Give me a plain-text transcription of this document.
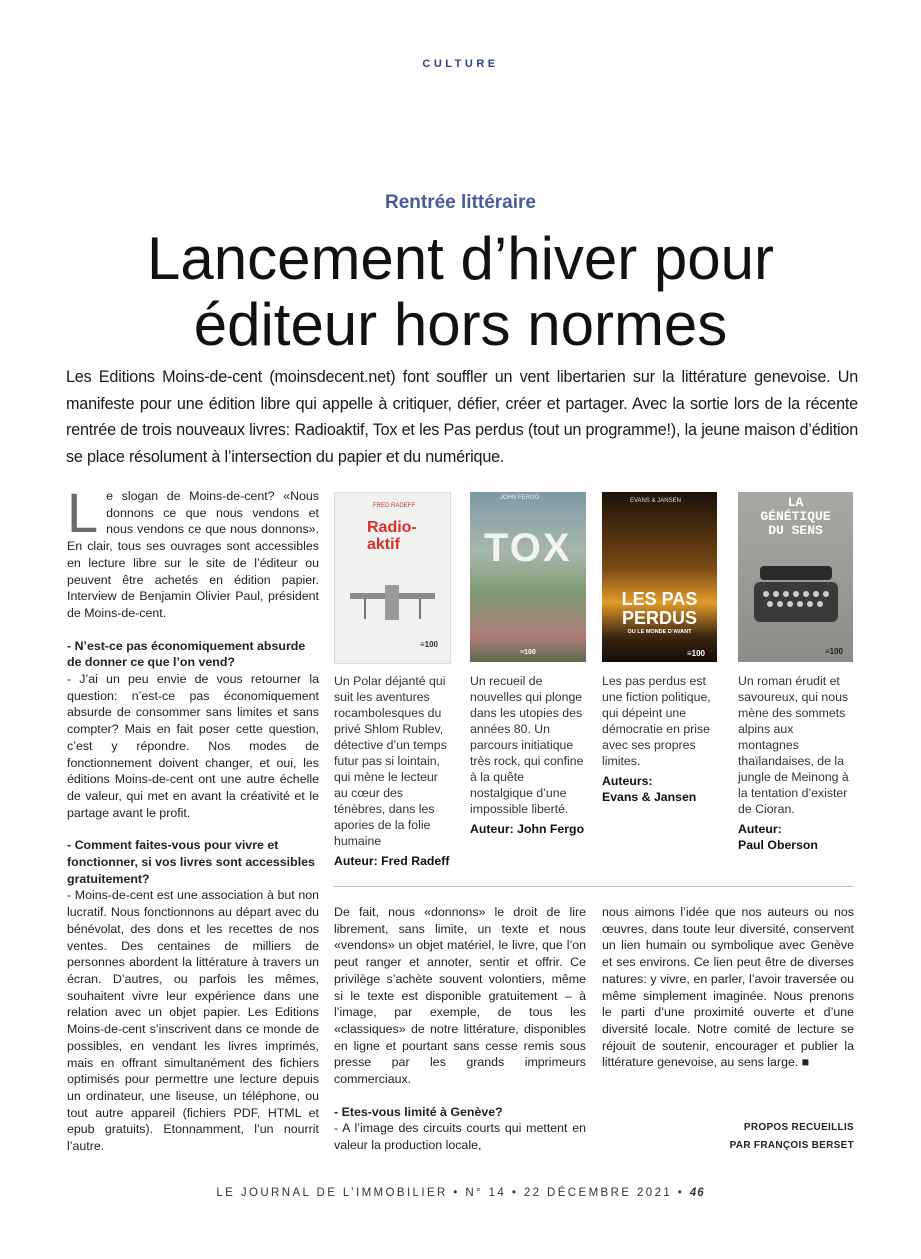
CULTURE
Rentrée littéraire
Lancement d’hiver pour
éditeur hors normes
Les Editions Moins-de-cent (moinsdecent.net) font souffler un vent libertarien sur la littérature genevoise. Un manifeste pour une édition libre qui appelle à critiquer, défier, créer et partager. Avec la sortie lors de la récente rentrée de trois nouveaux livres: Radioaktif, Tox et les Pas perdus (tout un programme!), la jeune maison d’édition se place résolument à l’intersection du papier et du numérique.

Le slogan de Moins-de-cent? «Nous donnons ce que nous vendons et nous vendons ce que nous donnons». En clair, tous ses ouvrages sont accessibles en lecture libre sur le site de l’éditeur ou peuvent être achetés en édition papier. Interview de Benjamin Olivier Paul, président de Moins-de-cent.

- N’est-ce pas économiquement absurde de donner ce que l’on vend?

- J’ai un peu envie de vous retourner la question: n’est-ce pas économiquement absurde de consommer sans limites et sans compter? Mais en fait poser cette question, c’est y répondre. Nos modes de fonctionnement doivent changer, et oui, les éditions Moins-de-cent ont une autre échelle de valeur, qui met en avant la créativité et le partage avant le profit.

- Comment faites-vous pour vivre et fonctionner, si vos livres sont accessibles gratuitement?

- Moins-de-cent est une association à but non lucratif. Nous fonctionnons au départ avec du bénévolat, des dons et les recettes de nos ventes. Des centaines de milliers de personnes abordent la littérature à travers un écran. D’autres, ou parfois les mêmes, souhaitent vivre leur expérience dans une relation avec un objet papier. Les Editions Moins-de-cent s’inscrivent dans ce monde de possibles, en vendant les livres imprimés, mais en offrant simultanément des fichiers optimisés pour permettre une lecture depuis un ordinateur, une liseuse, un téléphone, ou tout autre appareil (fichiers PDF, HTML et epub gratuits). Etonnamment, l’un nourrit l’autre.

FRED RADEFF
Radio-
aktif
≡100
JOHN FERGO
TOX
≡100
EVANS & JANSEN
LES PAS
PERDUS
OU LE MONDE D’AVANT
≡100
LA
GÉNÉTIQUE
DU SENS
≡100
Un Polar déjanté qui suit les aventures rocambolesques du privé Shlom Rublev, détective d’un temps futur pas si lointain, qui mène le lecteur au cœur des ténèbres, dans les apories de la folie humaine
Auteur: Fred Radeff
Un recueil de nouvelles qui plonge dans les utopies des années 80. Un parcours initiatique très rock, qui confine à la quête nostalgique d’une impossible liberté.
Auteur: John Fergo
Les pas perdus est une fiction politique, qui dépeint une démocratie en prise avec ses propres limites.
Auteurs:
Evans & Jansen
Un roman érudit et savoureux, qui nous mène des sommets alpins aux montagnes thaïlandaises, de la jungle de Meinong à la tentation d’exister de Cioran.
Auteur:
Paul Oberson

De fait, nous «donnons» le droit de lire librement, sans limite, un texte et nous «vendons» un objet matériel, le livre, que l’on peut ranger et annoter, sentir et offrir. Ce privilège s’achète souvent volontiers, même si le texte est disponible gratuitement – à l’image, par exemple, de tous les «classiques» de notre littérature, disponibles en ligne et pourtant sans cesse remis sous presse par les grands imprimeurs commerciaux.

- Etes-vous limité à Genève?

- A l’image des circuits courts qui mettent en valeur la production locale,

nous aimons l’idée que nos auteurs ou nos œuvres, dans toute leur diversité, conservent un lien humain ou symbolique avec Genève et ses environs. Ce lien peut être de diverses natures: y vivre, en parler, l’avoir traversée ou même simplement imaginée. Nous prenons le parti d’une proximité ouverte et d’une diversité locale. Notre comité de lecture se réjouit de soutenir, encourager et publier la littérature genevoise, au sens large. ■

PROPOS RECUEILLIS
PAR FRANÇOIS BERSET
LE JOURNAL DE L’IMMOBILIER • N° 14 • 22 DÉCEMBRE 2021 • 46
